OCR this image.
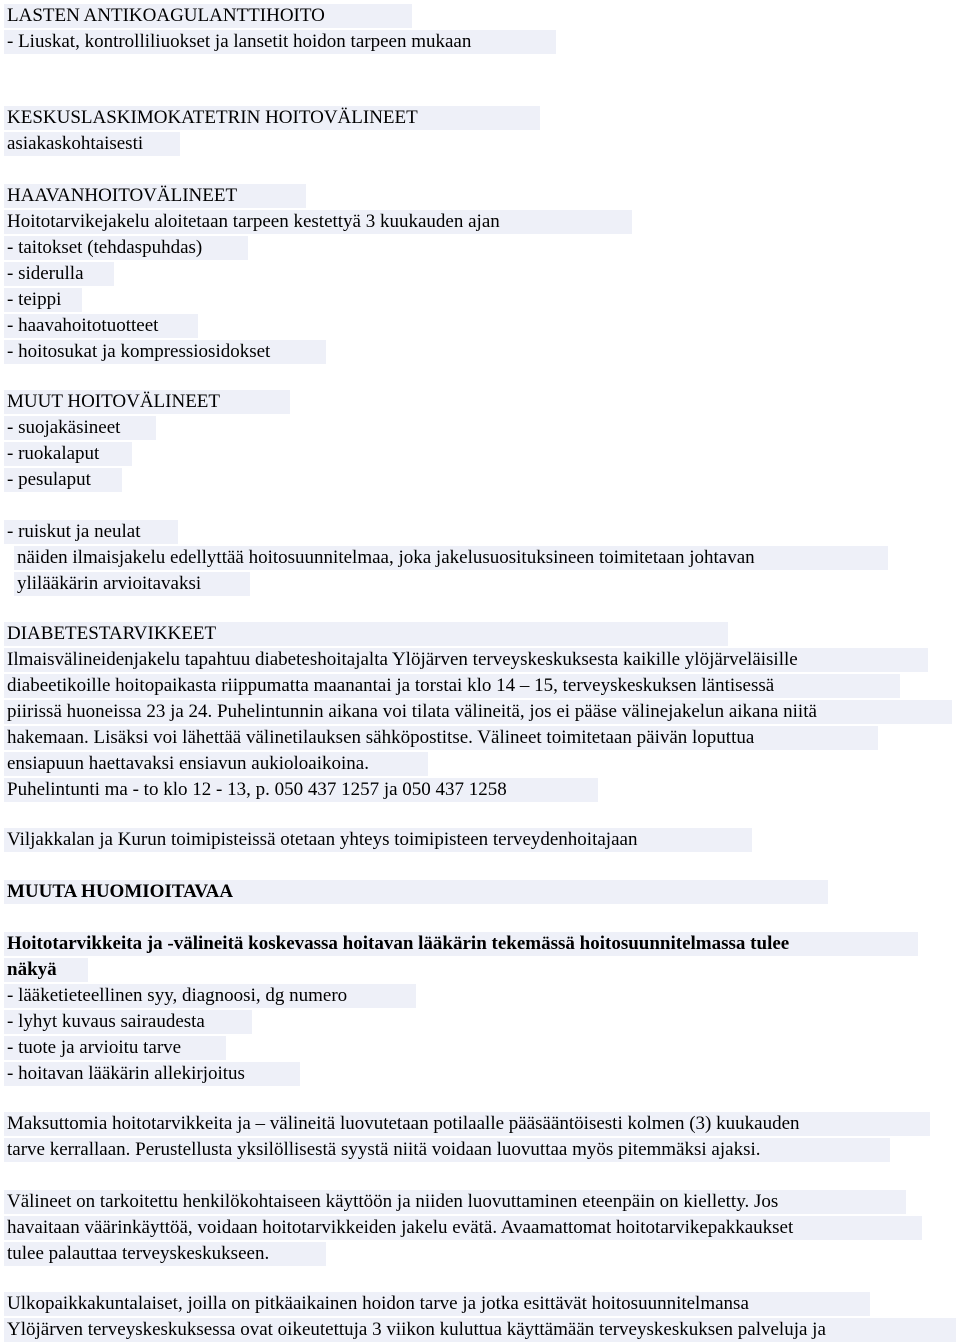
LASTEN ANTIKOAGULANTTIHOITO
- Liuskat, kontrolliliuokset ja lansetit hoidon tarpeen mukaan
KESKUSLASKIMOKATETRIN HOITOVÄLINEET
asiakaskohtaisesti
HAAVANHOITOVÄLINEET
Hoitotarvikejakelu aloitetaan tarpeen kestettyä 3 kuukauden ajan
- taitokset (tehdaspuhdas)
- siderulla
- teippi
- haavahoitotuotteet
- hoitosukat ja kompressiosidokset
MUUT HOITOVÄLINEET
- suojakäsineet
- ruokalaput
- pesulaput
- ruiskut ja neulat
näiden ilmaisjakelu edellyttää hoitosuunnitelmaa, joka jakelusuosituksineen toimitetaan johtavan
ylilääkärin arvioitavaksi
DIABETESTARVIKKEET
Ilmaisvälineidenjakelu tapahtuu diabeteshoitajalta Ylöjärven terveyskeskuksesta kaikille ylöjärveläisille
diabeetikoille hoitopaikasta riippumatta maanantai ja torstai klo 14 – 15, terveyskeskuksen läntisessä
piirissä huoneissa 23 ja 24. Puhelintunnin aikana voi tilata välineitä, jos ei pääse välinejakelun aikana niitä
hakemaan. Lisäksi voi lähettää välinetilauksen sähköpostitse. Välineet toimitetaan päivän loputtua
ensiapuun haettavaksi ensiavun aukioloaikoina.
Puhelintunti ma - to klo 12 - 13, p. 050 437 1257 ja 050 437 1258
Viljakkalan ja Kurun toimipisteissä otetaan yhteys toimipisteen terveydenhoitajaan
MUUTA HUOMIOITAVAA
Hoitotarvikkeita ja -välineitä koskevassa hoitavan lääkärin tekemässä hoitosuunnitelmassa tulee
näkyä
- lääketieteellinen syy, diagnoosi, dg numero
- lyhyt kuvaus sairaudesta
- tuote ja arvioitu tarve
- hoitavan lääkärin allekirjoitus
Maksuttomia hoitotarvikkeita ja – välineitä luovutetaan potilaalle pääsääntöisesti kolmen (3) kuukauden
tarve kerrallaan. Perustellusta yksilöllisestä syystä niitä voidaan luovuttaa myös pitemmäksi ajaksi.
Välineet on tarkoitettu henkilökohtaiseen käyttöön ja niiden luovuttaminen eteenpäin on kielletty. Jos
havaitaan väärinkäyttöä, voidaan hoitotarvikkeiden jakelu evätä. Avaamattomat hoitotarvikepakkaukset
tulee palauttaa terveyskeskukseen.
Ulkopaikkakuntalaiset, joilla on pitkäaikainen hoidon tarve ja jotka esittävät hoitosuunnitelmansa
Ylöjärven terveyskeskuksessa ovat oikeutettuja 3 viikon kuluttua käyttämään terveyskeskuksen palveluja ja
